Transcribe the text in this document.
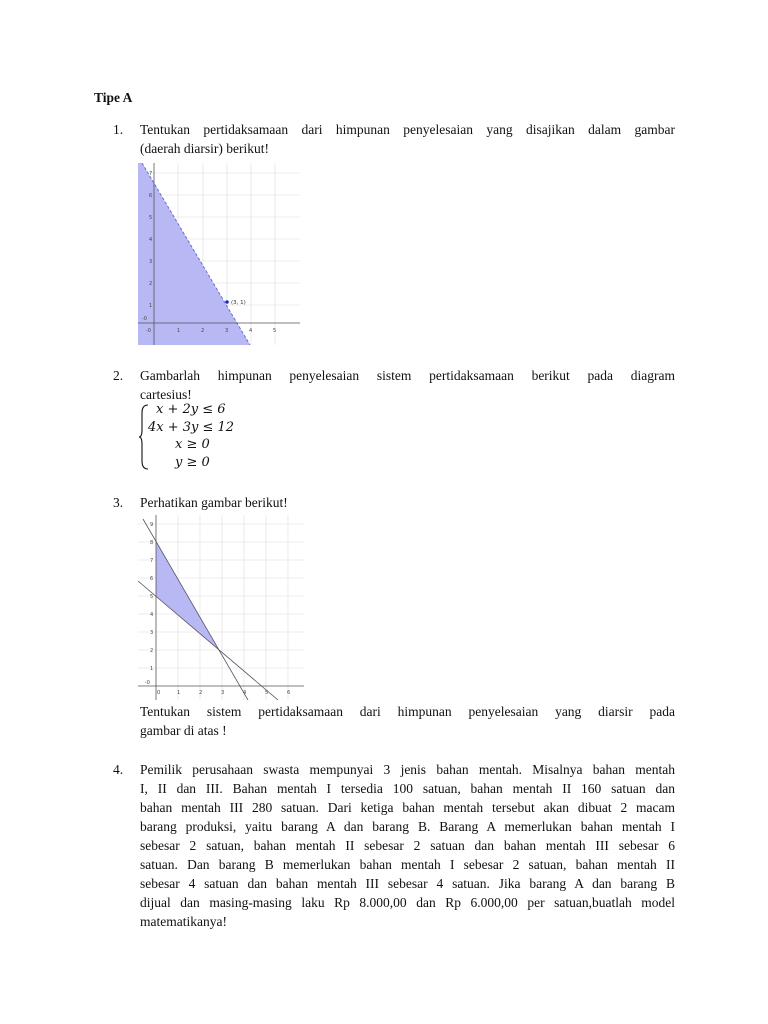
Tipe A
1.	Tentukan pertidaksamaan dari himpunan penyelesaian yang disajikan dalam gambar
(daerah diarsir) berikut!
-0	1	2	3	4	5
7
6
5
4
3
2
1
-0
(3, 1)
2.	Gambarlah himpunan penyelesaian sistem pertidaksamaan berikut pada diagram
cartesius!
x + 2y ≤ 6
4x + 3y ≤ 12
x ≥ 0
y ≥ 0
3.	Perhatikan gambar berikut!
0	1	2	3	4	5	6
9
8
7
6
5
4
3
2
1
-0
Tentukan sistem pertidaksamaan dari himpunan penyelesaian yang diarsir pada
gambar di atas !
4.	Pemilik perusahaan swasta mempunyai 3 jenis bahan mentah. Misalnya bahan mentah
I, II dan III. Bahan mentah I tersedia 100 satuan, bahan mentah II 160 satuan dan
bahan mentah III 280 satuan. Dari ketiga bahan mentah tersebut akan dibuat 2 macam
barang produksi, yaitu barang A dan barang B. Barang A memerlukan bahan mentah I
sebesar 2 satuan, bahan mentah II sebesar 2 satuan dan bahan mentah III sebesar 6
satuan. Dan barang B memerlukan bahan mentah I sebesar 2 satuan, bahan mentah II
sebesar 4 satuan dan bahan mentah III sebesar 4 satuan. Jika barang A dan barang B
dijual dan masing-masing laku Rp 8.000,00 dan Rp 6.000,00 per satuan,buatlah model
matematikanya!
